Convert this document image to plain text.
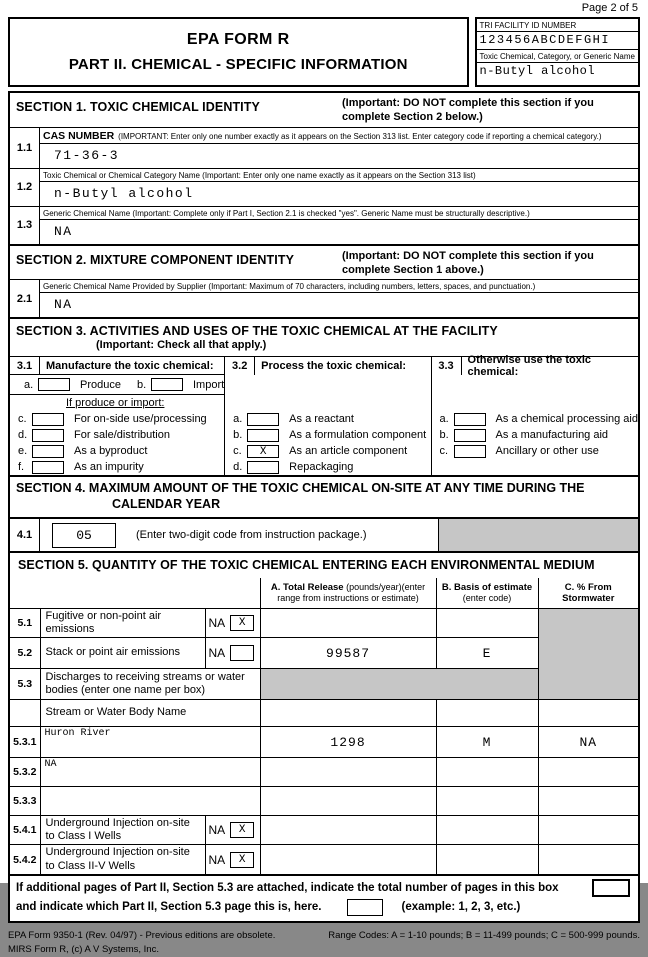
Page 2 of 5
EPA FORM R
PART II. CHEMICAL - SPECIFIC INFORMATION
TRI FACILITY ID NUMBER
123456ABCDEFGHI
Toxic Chemical, Category, or Generic Name
n-Butyl alcohol
SECTION 1. TOXIC CHEMICAL IDENTITY	(Important: DO NOT complete this section if you complete Section 2 below.)
1.1
CAS NUMBER (IMPORTANT: Enter only one number exactly as it appears on the Section 313 list. Enter category code if reporting a chemical category.)
71-36-3
1.2
Toxic Chemical or Chemical Category Name (Important: Enter only one name exactly as it appears on the Section 313 list)
n-Butyl alcohol
1.3
Generic Chemical Name (Important: Complete only if Part I, Section 2.1 is checked "yes". Generic Name must be structurally descriptive.)
NA
SECTION 2. MIXTURE COMPONENT IDENTITY	(Important: DO NOT complete this section if you complete Section 1 above.)
2.1
Generic Chemical Name Provided by Supplier (Important: Maximum of 70 characters, including numbers, letters, spaces, and punctuation.)
NA
SECTION 3. ACTIVITIES AND USES OF THE TOXIC CHEMICAL AT THE FACILITY
(Important: Check all that apply.)
3.1	Manufacture the toxic chemical:
a.	Produce b.	Import
If produce or import:
c.	For on-side use/processing
d.	For sale/distribution
e.	As a byproduct
f.	As an impurity
3.2	Process the toxic chemical:
a.	As a reactant
b.	As a formulation component
c.	X	As an article component
d.	Repackaging
3.3	Otherwise use the toxic chemical:
a.	As a chemical processing aid
b.	As a manufacturing aid
c.	Ancillary or other use
SECTION 4. MAXIMUM AMOUNT OF THE TOXIC CHEMICAL ON-SITE AT ANY TIME DURING THE
CALENDAR YEAR
4.1	05	(Enter two-digit code from instruction package.)
SECTION 5. QUANTITY OF THE TOXIC CHEMICAL ENTERING EACH ENVIRONMENTAL MEDIUM
			A. Total Release (pounds/year)(enter range from instructions or estimate)	B. Basis of estimate
(enter code)	C. % From Stormwater
5.1	Fugitive or non-point air emissions	NA X			

5.2	Stack or point air emissions	NA	99587	E	
5.3	Discharges to receiving streams or water bodies (enter one name per box)				
	Stream or Water Body Name				
5.3.1	Huron River		1298	M	NA
5.3.2	NA				
5.3.3					
5.4.1	Underground Injection on-site to Class I Wells	NA X			

5.4.2	Underground Injection on-site to Class II-V Wells	NA X			

If additional pages of Part II, Section 5.3 are attached, indicate the total number of pages in this box
and indicate which Part II, Section 5.3 page this is, here.	(example: 1, 2, 3, etc.)
EPA Form 9350-1 (Rev. 04/97) - Previous editions are obsolete.
MIRS Form R, (c) A V Systems, Inc.
Range Codes: A = 1-10 pounds; B = 11-499 pounds; C = 500-999 pounds.
